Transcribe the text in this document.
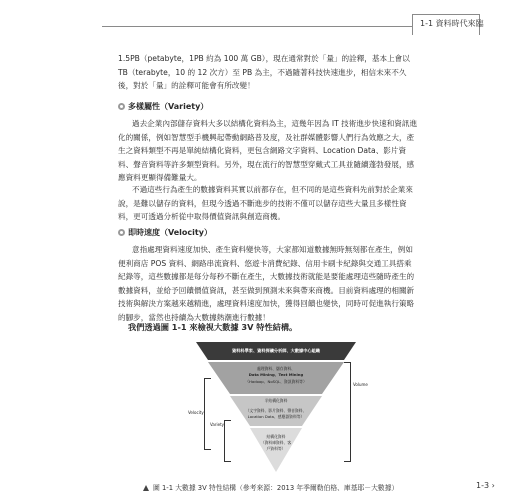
1-1 資料時代來臨

1.5PB（petabyte，1PB 約為 100 萬 GB），現在通常對於「量」的詮釋，基本上會以 TB（terabyte，10 的 12 次方）至 PB 為主，不過隨著科技快速進步，相信未來不久後，對於「量」的詮釋可能會有所改變！

多樣屬性（Variety）

過去企業內部儲存資料大多以結構化資料為主，這幾年因為 IT 技術進步快速和資訊進化的關係，例如智慧型手機興起帶動網路普及度，及社群媒體影響人們行為效應之大，產生之資料類型不再是單純結構化資料，更包含網路文字資料、Location Data、影片資料、聲音資料等許多類型資料。另外，現在流行的智慧型穿戴式工具並隨續蓬勃發展，感應資料更顯得備難量大。

不過這些行為產生的數據資料其實以前都存在，但不同的是這些資料先前對於企業來說，是難以儲存的資料，但現今透過不斷進步的技術不僅可以儲存這些大量且多樣性資料，更可透過分析從中取得價值資訊與創造商機。

即時速度（Velocity）

意指處理資料速度加快、產生資料變快等，大家都知道數據無時無刻都在產生，例如便利商店 POS 資料、網路串流資料、悠遊卡消費紀錄、信用卡刷卡紀錄與交通工具搭乘紀錄等，這些數據都是每分每秒不斷在產生，大數據技術就能是要能處理這些隨時產生的數據資料，並給予回饋價值資訊，甚至做到預測未來與帶來商機。目前資料處理的相關新技術與解決方案越來越精進，處理資料速度加快，獲得回饋也變快，同時可促進執行策略的腳步，當然也持續為大數據熱潮進行數據！

我們透過圖 1-1 來檢視大數據 3V 特性結構。
資料科學家、資料探礦分析師、大數據中心組織
處理資料、儲存資料、
Data Mining、Text Mining
（Hadoop、NoSQL、資訊資料等）
半結構化資料
（文字資料、影片資料、聲音資料、
Location Data、感應器資料等）
結構化資料
（資料庫資料、客
戶資料等）
Velocity
Variety
Volume
圖 1-1 大數據 3V 特性結構（參考來源：2013 年季爾勒伯格、庫基耶－大數據）	1-3 ›
